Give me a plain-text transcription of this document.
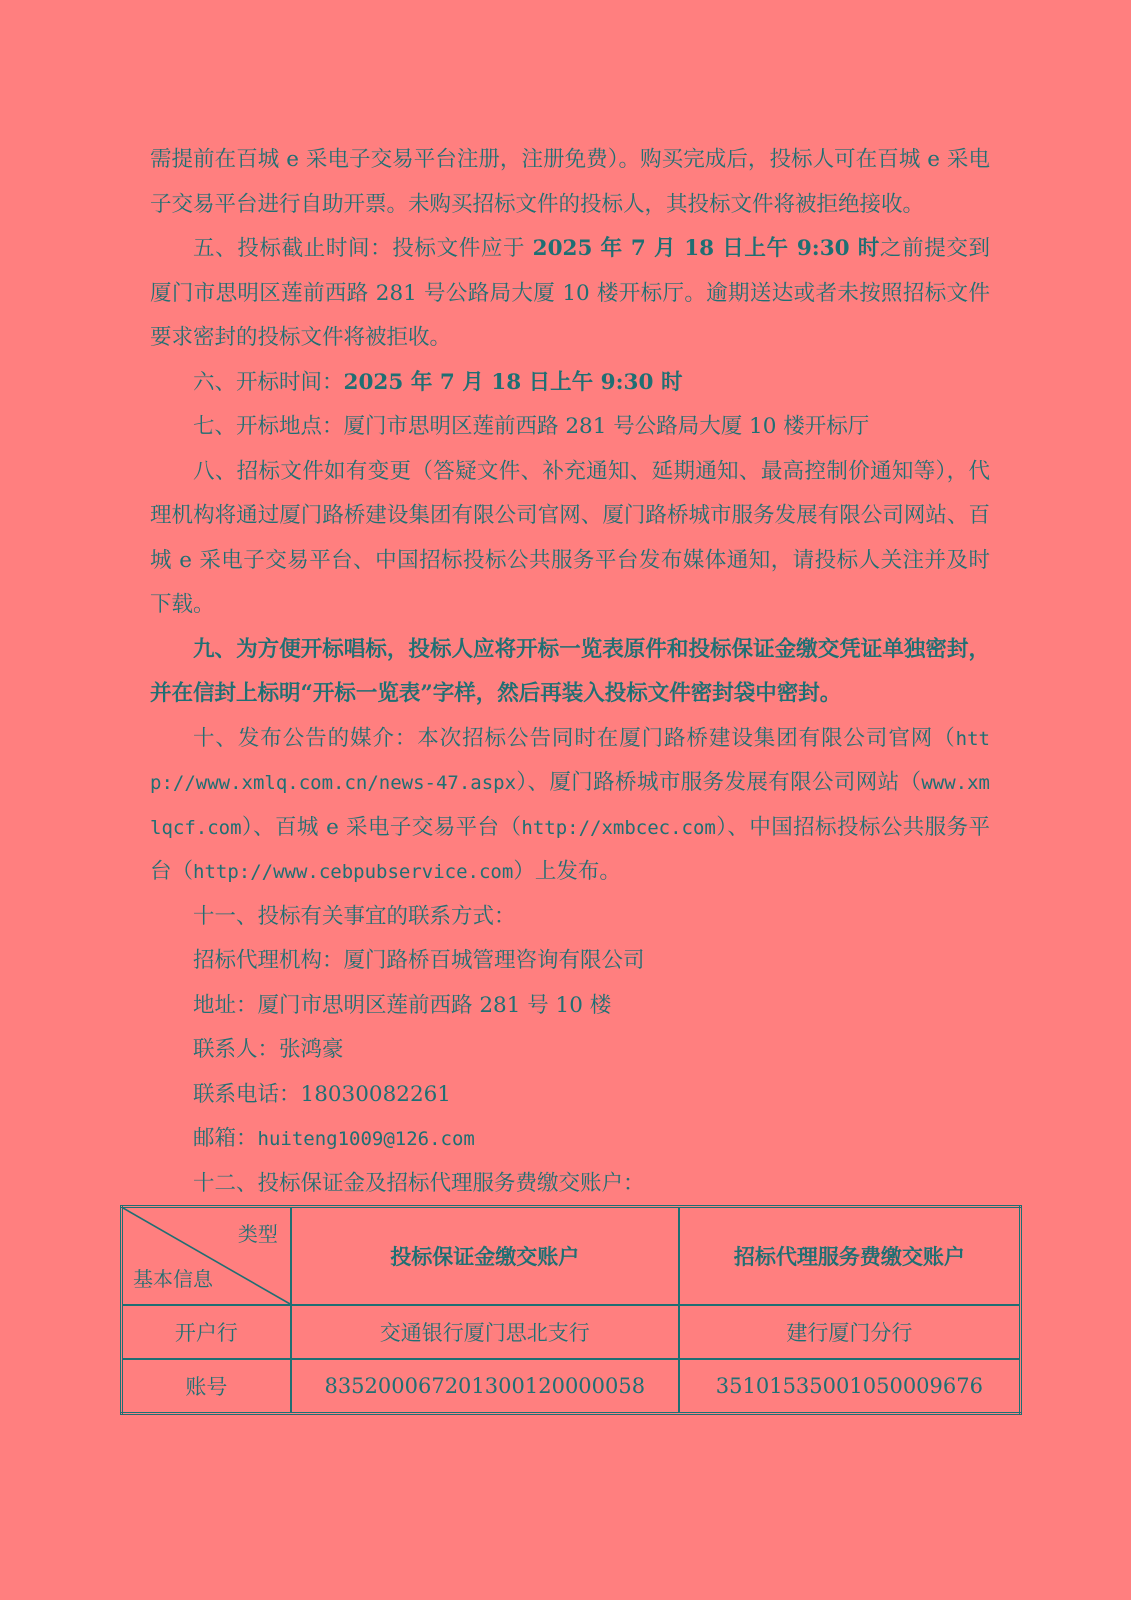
需提前在百城 e 采电子交易平台注册，注册免费）。购买完成后，投标人可在百城 e 采电子交易平台进行自助开票。未购买招标文件的投标人，其投标文件将被拒绝接收。

五、投标截止时间：投标文件应于 2025 年 7 月 18 日上午 9:30 时之前提交到厦门市思明区莲前西路 281 号公路局大厦 10 楼开标厅。逾期送达或者未按照招标文件要求密封的投标文件将被拒收。

六、开标时间：2025 年 7 月 18 日上午 9:30 时

七、开标地点：厦门市思明区莲前西路 281 号公路局大厦 10 楼开标厅

八、招标文件如有变更（答疑文件、补充通知、延期通知、最高控制价通知等），代理机构将通过厦门路桥建设集团有限公司官网、厦门路桥城市服务发展有限公司网站、百城 e 采电子交易平台、中国招标投标公共服务平台发布媒体通知，请投标人关注并及时下载。

九、为方便开标唱标，投标人应将开标一览表原件和投标保证金缴交凭证单独密封，并在信封上标明“开标一览表”字样，然后再装入投标文件密封袋中密封。

十、发布公告的媒介：本次招标公告同时在厦门路桥建设集团有限公司官网（http://www.xmlq.com.cn/news-47.aspx）、厦门路桥城市服务发展有限公司网站（www.xmlqcf.com）、百城 e 采电子交易平台（http://xmbcec.com）、中国招标投标公共服务平台（http://www.cebpubservice.com）上发布。

十一、投标有关事宜的联系方式：

招标代理机构：厦门路桥百城管理咨询有限公司

地址：厦门市思明区莲前西路 281 号 10 楼

联系人：张鸿豪

联系电话：18030082261

邮箱：huiteng1009@126.com

十二、投标保证金及招标代理服务费缴交账户：

类型
基本信息	投标保证金缴交账户	招标代理服务费缴交账户
开户行	交通银行厦门思北支行	建行厦门分行
账号	835200067201300120000058	35101535001050009676
